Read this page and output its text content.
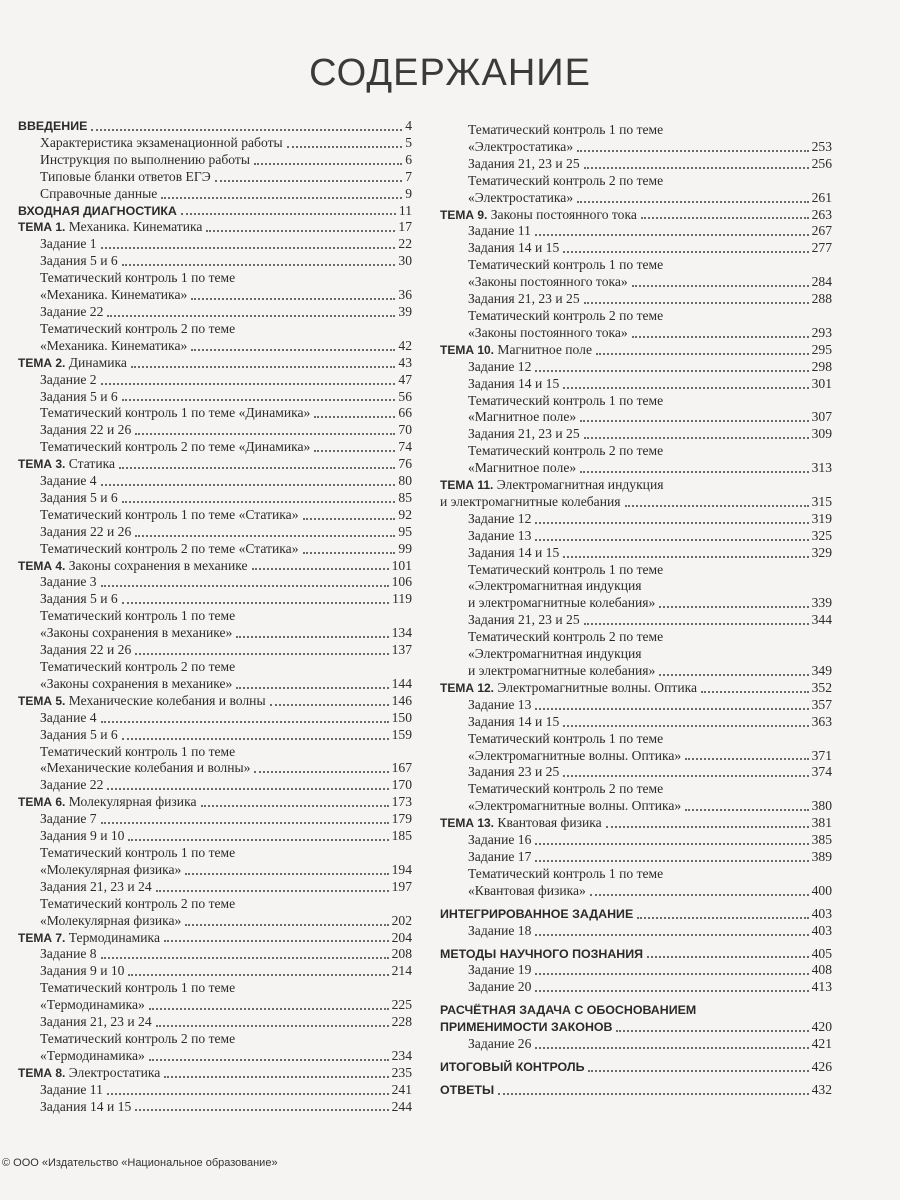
СОДЕРЖАНИЕ
ВВЕДЕНИЕ	4
Характеристика экзаменационной работы	5
Инструкция по выполнению работы	6
Типовые бланки ответов ЕГЭ	7
Справочные данные	9
ВХОДНАЯ ДИАГНОСТИКА	11
ТЕМА 1. Механика. Кинематика	17
Задание 1	22
Задания 5 и 6	30
Тематический контроль 1 по теме
«Механика. Кинематика»	36
Задание 22	39
Тематический контроль 2 по теме
«Механика. Кинематика»	42
ТЕМА 2. Динамика	43
Задание 2	47
Задания 5 и 6	56
Тематический контроль 1 по теме «Динамика»	66
Задания 22 и 26	70
Тематический контроль 2 по теме «Динамика»	74
ТЕМА 3. Статика	76
Задание 4	80
Задания 5 и 6	85
Тематический контроль 1 по теме «Статика»	92
Задания 22 и 26	95
Тематический контроль 2 по теме «Статика»	99
ТЕМА 4. Законы сохранения в механике	101
Задание 3	106
Задания 5 и 6	119
Тематический контроль 1 по теме
«Законы сохранения в механике»	134
Задания 22 и 26	137
Тематический контроль 2 по теме
«Законы сохранения в механике»	144
ТЕМА 5. Механические колебания и волны	146
Задание 4	150
Задания 5 и 6	159
Тематический контроль 1 по теме
«Механические колебания и волны»	167
Задание 22	170
ТЕМА 6. Молекулярная физика	173
Задание 7	179
Задания 9 и 10	185
Тематический контроль 1 по теме
«Молекулярная физика»	194
Задания 21, 23 и 24	197
Тематический контроль 2 по теме
«Молекулярная физика»	202
ТЕМА 7. Термодинамика	204
Задание 8	208
Задания 9 и 10	214
Тематический контроль 1 по теме
«Термодинамика»	225
Задания 21, 23 и 24	228
Тематический контроль 2 по теме
«Термодинамика»	234
ТЕМА 8. Электростатика	235
Задание 11	241
Задания 14 и 15	244
Тематический контроль 1 по теме
«Электростатика»	253
Задания 21, 23 и 25	256
Тематический контроль 2 по теме
«Электростатика»	261
ТЕМА 9. Законы постоянного тока	263
Задание 11	267
Задания 14 и 15	277
Тематический контроль 1 по теме
«Законы постоянного тока»	284
Задания 21, 23 и 25	288
Тематический контроль 2 по теме
«Законы постоянного тока»	293
ТЕМА 10. Магнитное поле	295
Задание 12	298
Задания 14 и 15	301
Тематический контроль 1 по теме
«Магнитное поле»	307
Задания 21, 23 и 25	309
Тематический контроль 2 по теме
«Магнитное поле»	313
ТЕМА 11. Электромагнитная индукция
и электромагнитные колебания	315
Задание 12	319
Задание 13	325
Задания 14 и 15	329
Тематический контроль 1 по теме
«Электромагнитная индукция
и электромагнитные колебания»	339
Задания 21, 23 и 25	344
Тематический контроль 2 по теме
«Электромагнитная индукция
и электромагнитные колебания»	349
ТЕМА 12. Электромагнитные волны. Оптика	352
Задание 13	357
Задания 14 и 15	363
Тематический контроль 1 по теме
«Электромагнитные волны. Оптика»	371
Задания 23 и 25	374
Тематический контроль 2 по теме
«Электромагнитные волны. Оптика»	380
ТЕМА 13. Квантовая физика	381
Задание 16	385
Задание 17	389
Тематический контроль 1 по теме
«Квантовая физика»	400
ИНТЕГРИРОВАННОЕ ЗАДАНИЕ	403
Задание 18	403
МЕТОДЫ НАУЧНОГО ПОЗНАНИЯ	405
Задание 19	408
Задание 20	413
РАСЧЁТНАЯ ЗАДАЧА С ОБОСНОВАНИЕМ
ПРИМЕНИМОСТИ ЗАКОНОВ	420
Задание 26	421
ИТОГОВЫЙ КОНТРОЛЬ	426
ОТВЕТЫ	432
© ООО «Издательство «Национальное образование»
